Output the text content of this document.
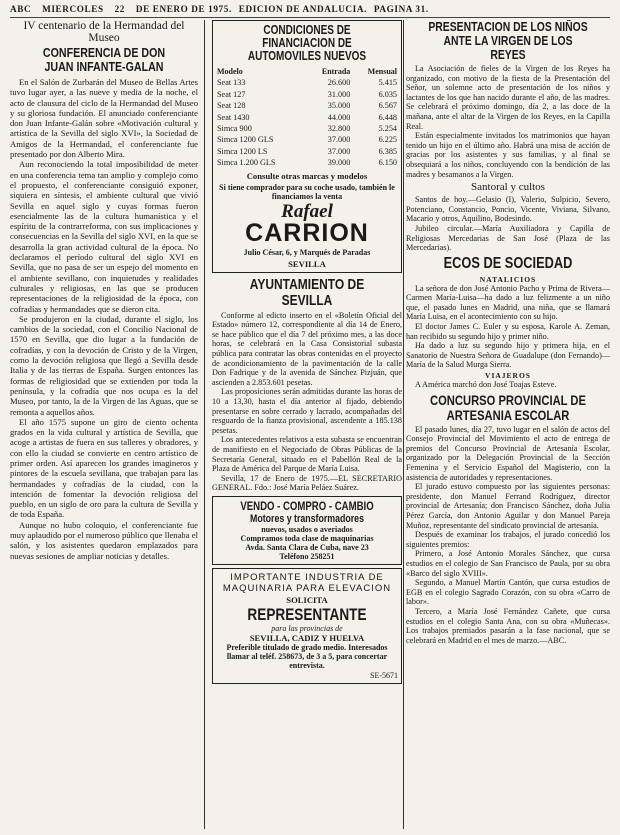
ABC MIERCOLES 22 DE ENERO DE 1975. EDICION DE ANDALUCIA. PAGINA 31.
IV centenario de la Hermandad del Museo
CONFERENCIA DE DON JUAN INFANTE-GALAN

En el Salón de Zurbarán del Museo de Bellas Artes tuvo lugar ayer, a las nueve y media de la noche, el acto de clausura del ciclo de la Hermandad del Museo y su gloriosa fundación. El anunciado conferenciante don Juan Infante-Galán sobre «Motivación cultural y artística de la Sevilla del siglo XVI», la Sociedad de Amigos de la Hermandad, el conferenciante fue presentado por don Alberto Mira.

Aun reconociendo la total imposibilidad de meter en una conferencia tema tan amplio y complejo como el propuesto, el conferenciante consiguió exponer, siquiera en síntesis, el ambiente cultural que vivió Sevilla en aquel siglo y cuyas formas fueron esencialmente las de la cultura humanística y el espíritu de la contrarreforma, con sus implicaciones y consecuencias en la Sevilla del siglo XVI, en la que se desarrolla la gran actividad cultural de la época. No declaramos el período cultural del siglo XVI en Sevilla, que no pasa de ser un espejo del momento en el ambiente sevillano, con inquietudes y realidades culturales y religiosas, en las que se producen representaciones de la religiosidad de la época, con cofradías y hermandades que se dieron cita.

Se produjeron en la ciudad, durante el siglo, los cambios de la sociedad, con el Concilio Nacional de 1570 en Sevilla, que dio lugar a la fundación de cofradías, y con la devoción de Cristo y de la Virgen, como la devoción religiosa que llegó a Sevilla desde Italia y de las tierras de España. Surgen entonces las formas de religiosidad que se extienden por toda la península, y la cofradía que nos ocupa es la del Museo, por tanto, la de la Virgen de las Aguas, que se remonta a aquellos años.

El año 1575 supone un giro de ciento ochenta grados en la vida cultural y artística de Sevilla, que acoge a artistas de fuera en sus talleres y obradores, y con ello la ciudad se convierte en centro artístico de primer orden. Así aparecen los grandes imagineros y pintores de la escuela sevillana, que trabajan para las hermandades y cofradías de la ciudad, con la intención de fomentar la devoción religiosa del pueblo, en un siglo de oro para la cultura de Sevilla y de toda España.

Aunque no hubo coloquio, el conferenciante fue muy aplaudido por el numeroso público que llenaba el salón, y los asistentes quedaron emplazados para nuevas sesiones de ampliar noticias y detalles.

CONDICIONES DE FINANCIACION DE AUTOMOVILES NUEVOS
Modelo	Entrada	Mensual
Seat 133	26.600	5.415
Seat 127	31.000	6.035
Seat 128	35.000	6.567
Seat 1430	44.000	6.448
Simca 900	32.800	5.254
Simca 1200 GLS	37.000	6.225
Simca 1200 LS	37.000	6.385
Simca 1.200 GLS	39.000	6.150
Consulte otras marcas y modelos
Si tiene comprador para su coche usado, también le financiamos la venta
Rafael
CARRION
Julio César, 6, y Marqués de Paradas
SEVILLA
AYUNTAMIENTO DE SEVILLA

Conforme al edicto inserto en el «Boletín Oficial del Estado» número 12, correspondiente al día 14 de Enero, se hace público que el día 7 del próximo mes, a las doce horas, se celebrará en la Casa Consistorial subasta pública para contratar las obras contenidas en el proyecto de acondicionamiento de la pavimentación de la calle Don Fadrique y de la avenida de Sánchez Pizjuán, que ascienden a 2.853.601 pesetas.

Las proposiciones serán admitidas durante las horas de 10 a 13,30, hasta el día anterior al fijado, debiendo presentarse en sobre cerrado y lacrado, acompañadas del resguardo de la fianza provisional, ascendente a 185.138 pesetas.

Los antecedentes relativos a esta subasta se encuentran de manifiesto en el Negociado de Obras Públicas de la Secretaría General, situado en el Pabellón Real de la Plaza de América del Parque de María Luisa.

Sevilla, 17 de Enero de 1975.—EL SECRETARIO GENERAL. Fdo.: José María Peláez Suárez.

VENDO - COMPRO - CAMBIO
Motores y transformadores
nuevos, usados o averiados
Compramos toda clase de maquinarias
Avda. Santa Clara de Cuba, nave 23
Teléfono 258251
IMPORTANTE INDUSTRIA DE MAQUINARIA PARA ELEVACION
SOLICITA
REPRESENTANTE
para las provincias de
SEVILLA, CADIZ Y HUELVA
Preferible titulado de grado medio. Interesados llamar al teléf. 258673, de 3 a 5, para concertar entrevista.
SE-5671
PRESENTACION DE LOS NIÑOS ANTE LA VIRGEN DE LOS REYES

La Asociación de fieles de la Virgen de los Reyes ha organizado, con motivo de la fiesta de la Presentación del Señor, un solemne acto de presentación de los niños y lactantes de los que han nacido durante el año, de las madres. Se celebrará el próximo domingo, día 2, a las doce de la mañana, ante el altar de la Virgen de los Reyes, en la Capilla Real.

Están especialmente invitados los matrimonios que hayan tenido un hijo en el último año. Habrá una misa de acción de gracias por los asistentes y sus familias, y al final se obsequiará a los niños, concluyendo con la bendición de las madres y besamanos a la Virgen.

Santoral y cultos

Santos de hoy.—Gelasio (I), Valerio, Sulpicio, Severo, Potenciano, Constancio, Poncio, Vicente, Viviana, Silvano, Macario y otros, Aquilino, Bodesindo.

Jubileo circular.—María Auxiliadora y Capilla de Religiosas Mercedarias de San José (Plaza de las Mercedarias).

ECOS DE SOCIEDAD
NATALICIOS

La señora de don José Antonio Pacho y Prima de Rivera—Carmen María-Luisa—ha dado a luz felizmente a un niño que, el pasado lunes en Madrid, una niña, que se llamará María Luisa, en el acontecimiento con su hijo.

El doctor James C. Euler y su esposa, Karole A. Zeman, han recibido su segundo hijo y primer niño.

Ha dado a luz su segundo hijo y primera hija, en el Sanatorio de Nuestra Señora de Guadalupe (don Fernando)—María de la Salud Murga Sierra.

VIAJEROS

A América marchó don José Toajas Esteve.

CONCURSO PROVINCIAL DE ARTESANIA ESCOLAR

El pasado lunes, día 27, tuvo lugar en el salón de actos del Consejo Provincial del Movimiento el acto de entrega de premios del Concurso Provincial de Artesanía Escolar, organizado por la Delegación Provincial de la Sección Femenina y el Servicio Español del Magisterio, con la asistencia de autoridades y representaciones.

El jurado estuvo compuesto por las siguientes personas: presidente, don Manuel Ferrand Rodríguez, director provincial de Artesanía; don Francisco Sánchez, doña Julia Pérez García, don Antonio Aguilar y don Manuel Pareja Muñoz, representante del sindicato provincial de artesanía.

Después de examinar los trabajos, el jurado concedió los siguientes premios:

Primero, a José Antonio Morales Sánchez, que cursa estudios en el colegio de San Francisco de Paula, por su obra «Barco del siglo XVIII».

Segundo, a Manuel Martín Cantón, que cursa estudios de EGB en el colegio Sagrado Corazón, con su obra «Carro de labor».

Tercero, a María José Fernández Cañete, que cursa estudios en el colegio Santa Ana, con su obra «Muñecas». Los trabajos premiados pasarán a la fase nacional, que se celebrará en Madrid en el mes de marzo.—ABC.
